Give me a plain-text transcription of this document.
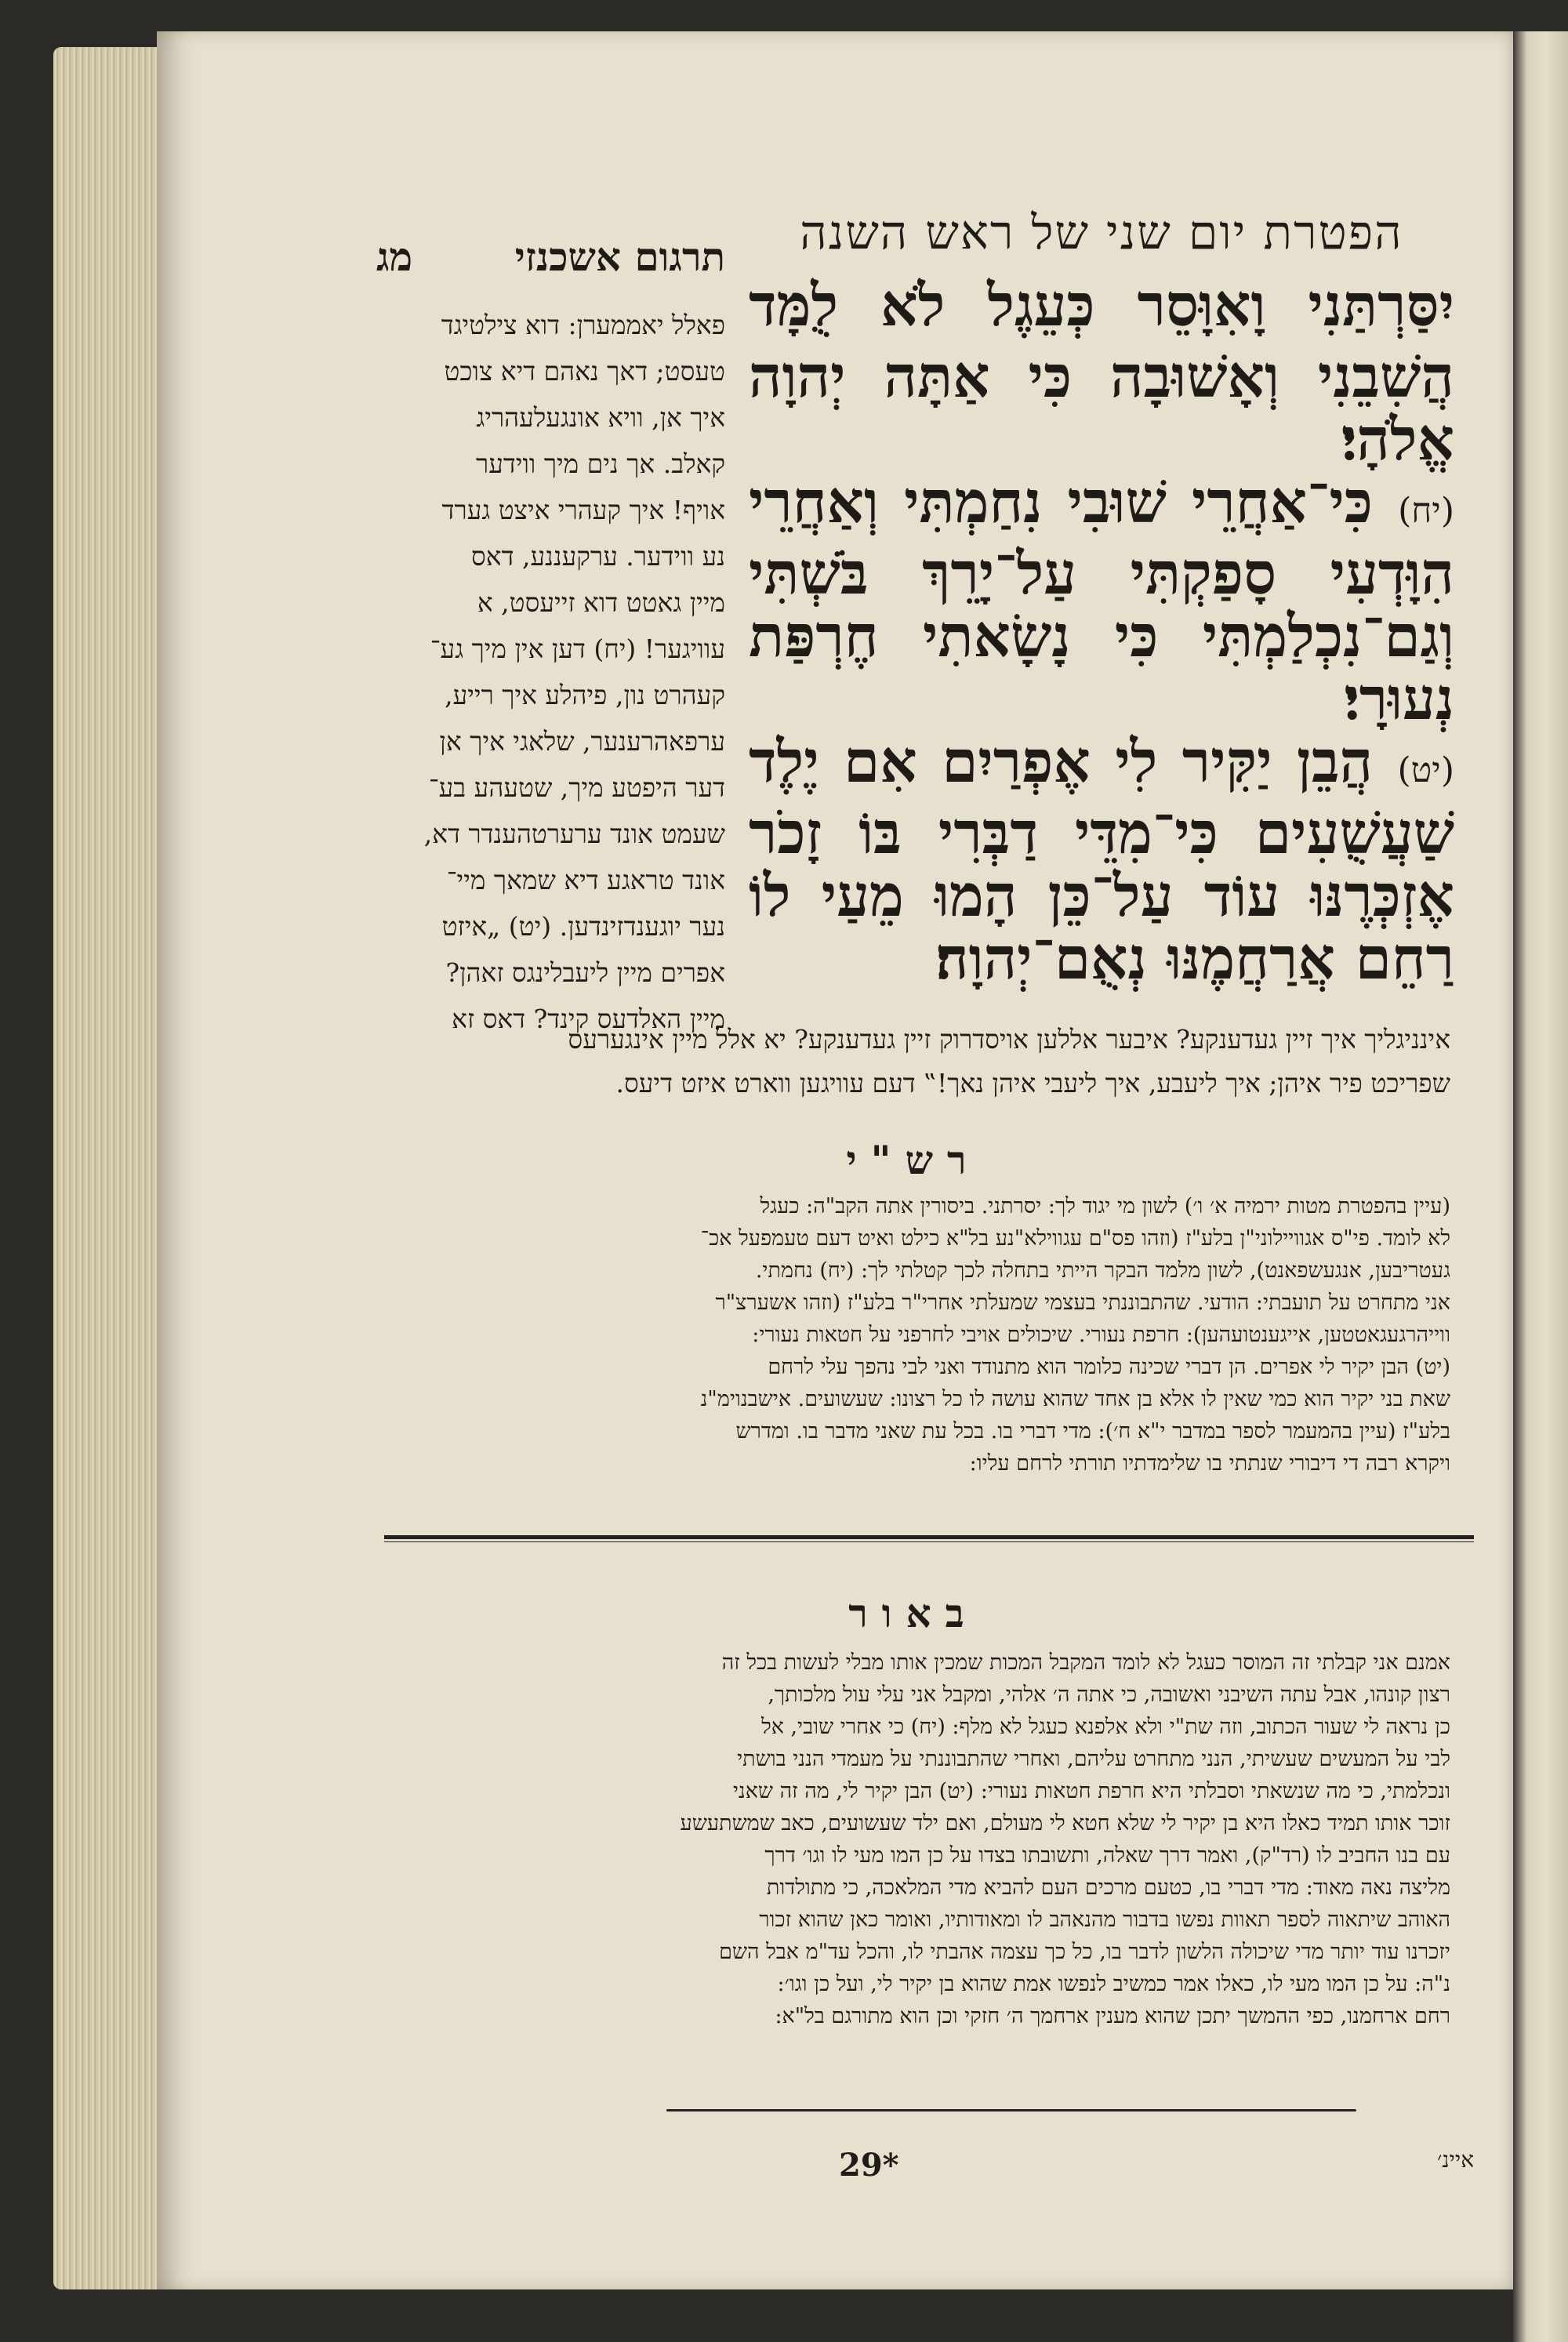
הפטרת יום שני של ראש השנה

יִסַּרְתַּנִי וָאִוָּסֵר כְּעֵגֶל לֹא לֻמָּד הֲשִׁבֵנִי וְאָשׁוּבָה כִּי אַתָּה יְהוָה אֱלֹהָי׃

(יח) כִּי־אַחֲרֵי שׁוּבִי נִחַמְתִּי וְאַחֲרֵי הִוָּדְעִי סָפַקְתִּי עַל־יָרֵךְ בֹּשְׁתִּי וְגַם־נִכְלַמְתִּי כִּי נָשָׂאתִי חֶרְפַּת נְעוּרָי׃

(יט) הֲבֵן יַקִּיר לִי אֶפְרַיִם אִם יֶלֶד שַׁעֲשֻׁעִים כִּי־מִדֵּי דַבְּרִי בּוֹ זָכֹר אֶזְכְּרֶנּוּ עוֹד עַל־כֵּן הָמוּ מֵעַי לוֹ רַחֵם אֲרַחֲמֶנּוּ נְאֻם־יְהוָה׃

תרגום אשכנזי
מג

פאלל יאממערן: דוא צילטיגד

טעסט; דאך נאהם דיא צוכט

איך אן, וויא אונגעלעהריג

קאלב. אך נים מיך ווידער

אויף! איך קעהרי איצט גערד

נע ווידער. ערקעננע, דאס

מיין גאטט דוא זייעסט, א

עוויגער! (יח) דען אין מיך גע־

קעהרט נון, פיהלע איך רייע,

ערפאהרענער, שלאגי איך אן

דער היפטע מיך, שטעהע בע־

שעמט אונד ערערטהענדר דא,

אונד טראגע דיא שמאך מיי־

נער יוגענדזינדען. (יט) „איזט

אפרים מיין ליעבלינגס זאהן?

מיין האלדעס קינד? דאס זא

אינניגליך איך זיין געדענקע? איבער אללען אויסדרוק זיין געדענקע? יא אלל מיין אינגערעס

שפריכט פיר איהן; איך ליעבע, איך ליעבי איהן נאך!‟ דעם עוויגען ווארט איזט דיעס.

רש"י

(עיין בהפטרת מטות ירמיה א׳ ו׳) לשון מי יגוד לך: יסרתני. ביסורין אתה הקב"ה: כעגל

לא לומד. פי"ס אגוויילוני"ן בלע"ז (וזהו פס"ם עגווילא"נע בל"א כילט ואיט דעם טעמפעל אכ־

געטריבען, אנגעשפאנט), לשון מלמד הבקר הייתי בתחלה לכך קטלתי לך: (יח) נחמתי.

אני מתחרט על תועבתי: הודעי. שהתבוננתי בעצמי שמעלתי אחרי"ר בלע"ז (וזהו אשערצ"ר

ווייהרגעגאטטען, אייגענטועהען): חרפת נעורי. שיכולים אויבי לחרפני על חטאות נעורי:

(יט) הבן יקיר לי אפרים. הן דברי שכינה כלומר הוא מתנודד ואני לבי נהפך עלי לרחם

שאת בני יקיר הוא כמי שאין לו אלא בן אחד שהוא עושה לו כל רצונו: שעשועים. אישבנוימ"נ

בלע"ז (עיין בהמעמר לספר במדבר י"א ח׳): מדי דברי בו. בכל עת שאני מדבר בו. ומדרש

ויקרא רבה די דיבורי שנתתי בו שלימדתיו תורתי לרחם עליו:

באור

אמנם אני קבלתי זה המוסר כעגל לא לומד המקבל המכות שמכין אותו מבלי לעשות בכל זה

רצון קונהו, אבל עתה השיבני ואשובה, כי אתה ה׳ אלהי, ומקבל אני עלי עול מלכותך,

כן נראה לי שעור הכתוב, וזה שת"י ולא אלפנא כעגל לא מלף: (יח) כי אחרי שובי, אל

לבי על המעשים שעשיתי, הנני מתחרט עליהם, ואחרי שהתבוננתי על מעמדי הנני בושתי

ונכלמתי, כי מה שנשאתי וסבלתי היא חרפת חטאות נעורי: (יט) הבן יקיר לי, מה זה שאני

זוכר אותו תמיד כאלו היא בן יקיר לי שלא חטא לי מעולם, ואם ילד שעשועים, כאב שמשתעשע

עם בנו החביב לו (רד"ק), ואמר דרך שאלה, ותשובתו בצדו על כן המו מעי לו וגו׳ דרך

מליצה נאה מאוד: מדי דברי בו, כטעם מרכים העם להביא מדי המלאכה, כי מתולדות

האוהב שיתאוה לספר תאוות נפשו בדבור מהנאהב לו ומאודותיו, ואומר כאן שהוא זכור

יזכרנו עוד יותר מדי שיכולה הלשון לדבר בו, כל כך עצמה אהבתי לו, והכל עד"מ אבל השם

נ"ה: על כן המו מעי לו, כאלו אמר כמשיב לנפשו אמת שהוא בן יקיר לי, ועל כן וגו׳:

רחם ארחמנו, כפי ההמשך יתכן שהוא מענין ארחמך ה׳ חזקי וכן הוא מתורגם בל"א:

29*	איינ׳
